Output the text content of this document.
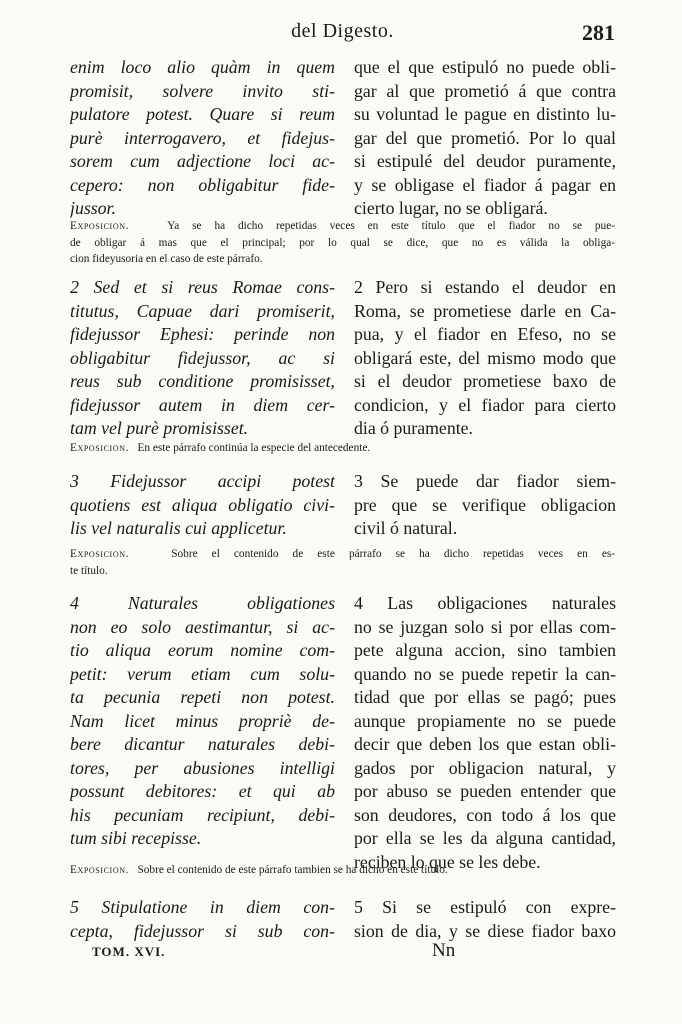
del Digesto.	281
enim loco alio quàm in quem
promisit, solvere invito sti-
pulatore potest. Quare si reum
purè interrogavero, et fidejus-
sorem cum adjectione loci ac-
cepero: non obligabitur fide-
jussor.
que el que estipuló no puede obli-
gar al que prometió á que contra
su voluntad le pague en distinto lu-
gar del que prometió. Por lo qual
si estipulé del deudor puramente,
y se obligase el fiador á pagar en
cierto lugar, no se obligará.
Exposicion.	Ya se ha dicho repetidas veces en este título que el fiador no se pue-
de obligar á mas que el principal; por lo qual se dice, que no es válida la obliga-
cion fideyusoria en el caso de este párrafo.
2 Sed et si reus Romae cons-
titutus, Capuae dari promiserit,
fidejussor Ephesi: perinde non
obligabitur fidejussor, ac si
reus sub conditione promisisset,
fidejussor autem in diem cer-
tam vel purè promisisset.
2 Pero si estando el deudor en
Roma, se prometiese darle en Ca-
pua, y el fiador en Efeso, no se
obligará este, del mismo modo que
si el deudor prometiese baxo de
condicion, y el fiador para cierto
dia ó puramente.
Exposicion. En este párrafo continúa la especie del antecedente.
3 Fidejussor accipi potest
quotiens est aliqua obligatio civi-
lis vel naturalis cui applicetur.
3 Se puede dar fiador siem-
pre que se verifique obligacion
civil ó natural.
Exposicion.	Sobre el contenido de este párrafo se ha dicho repetidas veces en es-
te título.
4 Naturales obligationes
non eo solo aestimantur, si ac-
tio aliqua eorum nomine com-
petit: verum etiam cum solu-
ta pecunia repeti non potest.
Nam licet minus propriè de-
bere dicantur naturales debi-
tores, per abusiones intelligi
possunt debitores: et qui ab
his pecuniam recipiunt, debi-
tum sibi recepisse.
4 Las obligaciones naturales
no se juzgan solo si por ellas com-
pete alguna accion, sino tambien
quando no se puede repetir la can-
tidad que por ellas se pagó; pues
aunque propiamente no se puede
decir que deben los que estan obli-
gados por obligacion natural, y
por abuso se pueden entender que
son deudores, con todo á los que
por ella se les da alguna cantidad,
reciben lo que se les debe.
Exposicion. Sobre el contenido de este párrafo tambien se ha dicho en este título.
5 Stipulatione in diem con-
cepta, fidejussor si sub con-
5 Si se estipuló con expre-
sion de dia, y se diese fiador baxo
TOM. XVI.	Nn
